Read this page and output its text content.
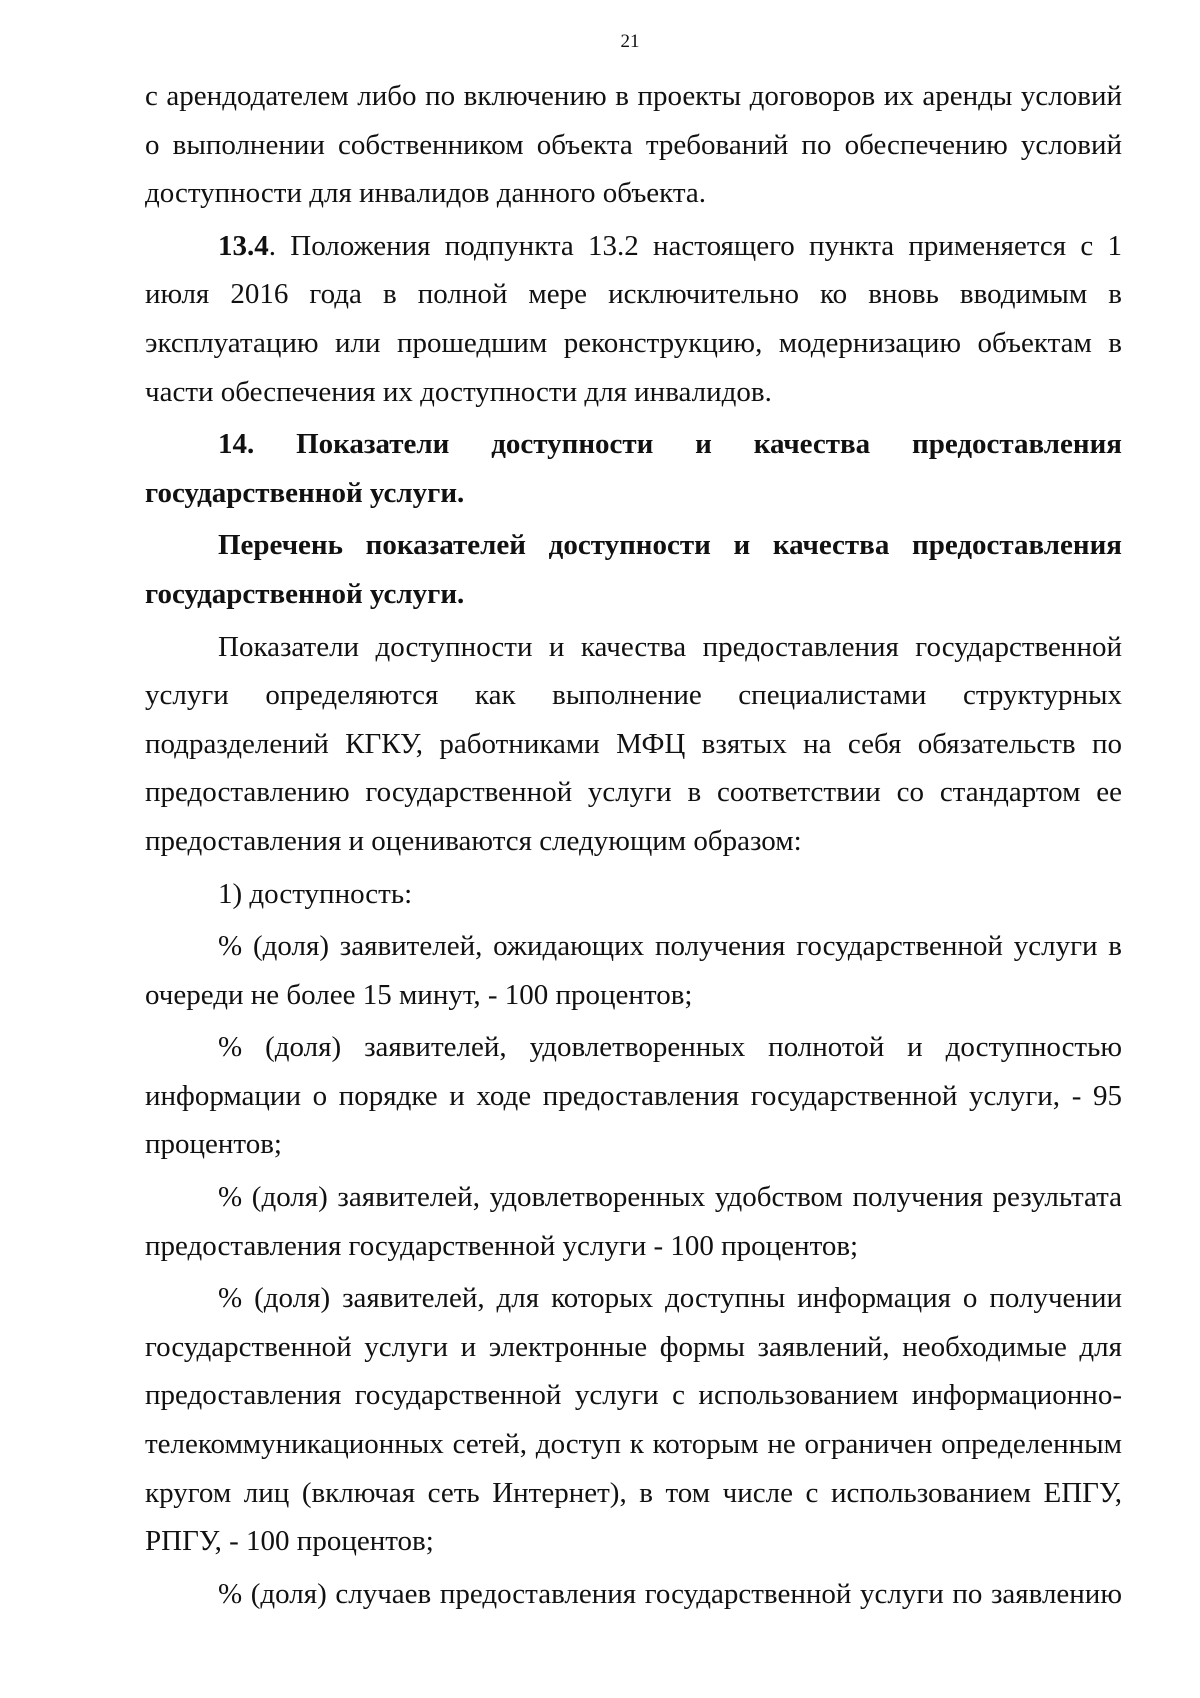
21

с арендодателем либо по включению в проекты договоров их аренды условий о выполнении собственником объекта требований по обеспечению условий доступности для инвалидов данного объекта.

13.4. Положения подпункта 13.2 настоящего пункта применяется с 1 июля 2016 года в полной мере исключительно ко вновь вводимым в эксплуатацию или прошедшим реконструкцию, модернизацию объектам в части обеспечения их доступности для инвалидов.

14. Показатели доступности и качества предоставления государственной услуги.

Перечень показателей доступности и качества предоставления государственной услуги.

Показатели доступности и качества предоставления государственной услуги определяются как выполнение специалистами структурных подразделений КГКУ, работниками МФЦ взятых на себя обязательств по предоставлению государственной услуги в соответствии со стандартом ее предоставления и оцениваются следующим образом:

1) доступность:

% (доля) заявителей, ожидающих получения государственной услуги в очереди не более 15 минут, - 100 процентов;

% (доля) заявителей, удовлетворенных полнотой и доступностью информации о порядке и ходе предоставления государственной услуги, - 95 процентов;

% (доля) заявителей, удовлетворенных удобством получения результата предоставления государственной услуги - 100 процентов;

% (доля) заявителей, для которых доступны информация о получении государственной услуги и электронные формы заявлений, необходимые для предоставления государственной услуги с использованием информационно-телекоммуникационных сетей, доступ к которым не ограничен определенным кругом лиц (включая сеть Интернет), в том числе с использованием ЕПГУ, РПГУ, - 100 процентов;

% (доля) случаев предоставления государственной услуги по заявлению
